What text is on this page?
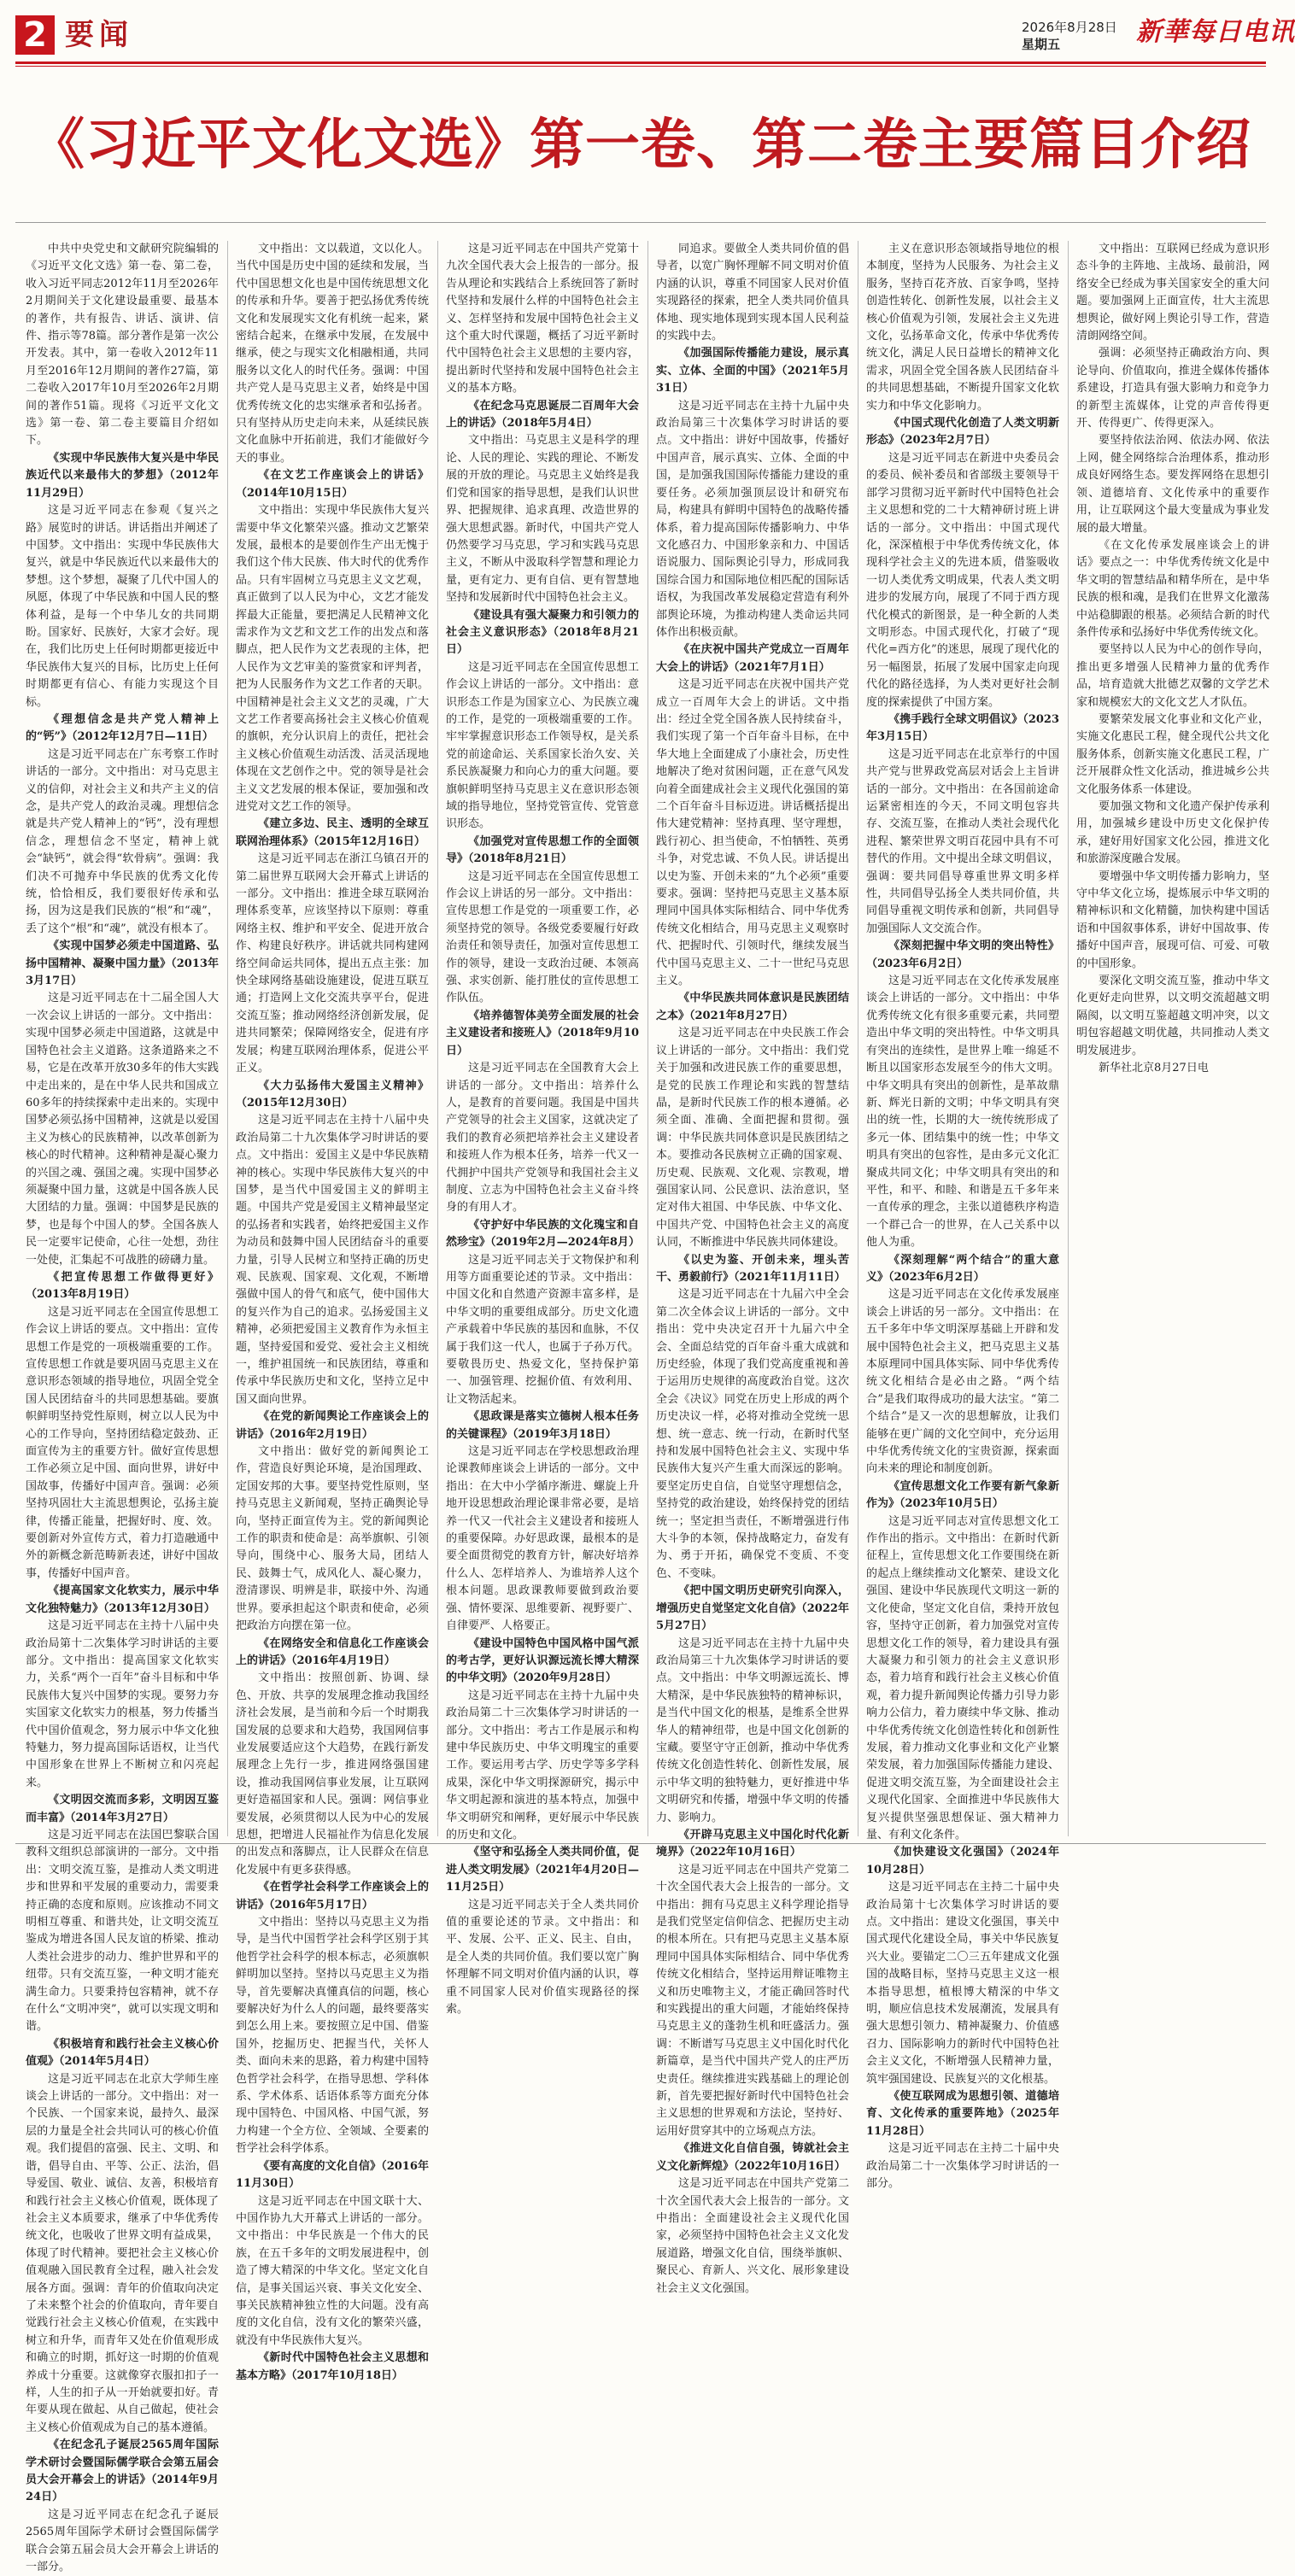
2 要闻	2026年8月28日
星期五	新華每日电讯
《习近平文化文选》第一卷、第二卷主要篇目介绍

中共中央党史和文献研究院编辑的《习近平文化文选》第一卷、第二卷，收入习近平同志2012年11月至2026年2月期间关于文化建设最重要、最基本的著作，共有报告、讲话、演讲、信件、指示等78篇。部分著作是第一次公开发表。其中，第一卷收入2012年11月至2016年12月期间的著作27篇，第二卷收入2017年10月至2026年2月期间的著作51篇。现将《习近平文化文选》第一卷、第二卷主要篇目介绍如下。

《实现中华民族伟大复兴是中华民族近代以来最伟大的梦想》（2012年11月29日）

这是习近平同志在参观《复兴之路》展览时的讲话。讲话指出并阐述了中国梦。文中指出：实现中华民族伟大复兴，就是中华民族近代以来最伟大的梦想。这个梦想，凝聚了几代中国人的夙愿，体现了中华民族和中国人民的整体利益，是每一个中华儿女的共同期盼。国家好、民族好，大家才会好。现在，我们比历史上任何时期都更接近中华民族伟大复兴的目标，比历史上任何时期都更有信心、有能力实现这个目标。

《理想信念是共产党人精神上的“钙”》（2012年12月7日—11日）

这是习近平同志在广东考察工作时讲话的一部分。文中指出：对马克思主义的信仰，对社会主义和共产主义的信念，是共产党人的政治灵魂。理想信念就是共产党人精神上的“钙”，没有理想信念，理想信念不坚定，精神上就会“缺钙”，就会得“软骨病”。强调：我们决不可抛弃中华民族的优秀文化传统，恰恰相反，我们要很好传承和弘扬，因为这是我们民族的“根”和“魂”，丢了这个“根”和“魂”，就没有根本了。

《实现中国梦必须走中国道路、弘扬中国精神、凝聚中国力量》（2013年3月17日）

这是习近平同志在十二届全国人大一次会议上讲话的一部分。文中指出：实现中国梦必须走中国道路，这就是中国特色社会主义道路。这条道路来之不易，它是在改革开放30多年的伟大实践中走出来的，是在中华人民共和国成立60多年的持续探索中走出来的。实现中国梦必须弘扬中国精神，这就是以爱国主义为核心的民族精神，以改革创新为核心的时代精神。这种精神是凝心聚力的兴国之魂、强国之魂。实现中国梦必须凝聚中国力量，这就是中国各族人民大团结的力量。强调：中国梦是民族的梦，也是每个中国人的梦。全国各族人民一定要牢记使命，心往一处想，劲往一处使，汇集起不可战胜的磅礴力量。

《把宣传思想工作做得更好》（2013年8月19日）

这是习近平同志在全国宣传思想工作会议上讲话的要点。文中指出：宣传思想工作是党的一项极端重要的工作。宣传思想工作就是要巩固马克思主义在意识形态领域的指导地位，巩固全党全国人民团结奋斗的共同思想基础。要旗帜鲜明坚持党性原则，树立以人民为中心的工作导向，坚持团结稳定鼓劲、正面宣传为主的重要方针。做好宣传思想工作必须立足中国、面向世界，讲好中国故事，传播好中国声音。强调：必须坚持巩固壮大主流思想舆论，弘扬主旋律，传播正能量，把握好时、度、效。要创新对外宣传方式，着力打造融通中外的新概念新范畴新表述，讲好中国故事，传播好中国声音。

《提高国家文化软实力，展示中华文化独特魅力》（2013年12月30日）

这是习近平同志在主持十八届中央政治局第十二次集体学习时讲话的主要部分。文中指出：提高国家文化软实力，关系“两个一百年”奋斗目标和中华民族伟大复兴中国梦的实现。要努力夯实国家文化软实力的根基，努力传播当代中国价值观念，努力展示中华文化独特魅力，努力提高国际话语权，让当代中国形象在世界上不断树立和闪亮起来。

《文明因交流而多彩，文明因互鉴而丰富》（2014年3月27日）

这是习近平同志在法国巴黎联合国教科文组织总部演讲的一部分。文中指出：文明交流互鉴，是推动人类文明进步和世界和平发展的重要动力，需要秉持正确的态度和原则。应该推动不同文明相互尊重、和谐共处，让文明交流互鉴成为增进各国人民友谊的桥梁、推动人类社会进步的动力、维护世界和平的纽带。只有交流互鉴，一种文明才能充满生命力。只要秉持包容精神，就不存在什么“文明冲突”，就可以实现文明和谐。

《积极培育和践行社会主义核心价值观》（2014年5月4日）

这是习近平同志在北京大学师生座谈会上讲话的一部分。文中指出：对一个民族、一个国家来说，最持久、最深层的力量是全社会共同认可的核心价值观。我们提倡的富强、民主、文明、和谐，倡导自由、平等、公正、法治，倡导爱国、敬业、诚信、友善，积极培育和践行社会主义核心价值观，既体现了社会主义本质要求，继承了中华优秀传统文化，也吸收了世界文明有益成果，体现了时代精神。要把社会主义核心价值观融入国民教育全过程，融入社会发展各方面。强调：青年的价值取向决定了未来整个社会的价值取向，青年要自觉践行社会主义核心价值观，在实践中树立和升华，而青年又处在价值观形成和确立的时期，抓好这一时期的价值观养成十分重要。这就像穿衣服扣扣子一样，人生的扣子从一开始就要扣好。青年要从现在做起、从自己做起，使社会主义核心价值观成为自己的基本遵循。

《在纪念孔子诞辰2565周年国际学术研讨会暨国际儒学联合会第五届会员大会开幕会上的讲话》（2014年9月24日）

这是习近平同志在纪念孔子诞辰2565周年国际学术研讨会暨国际儒学联合会第五届会员大会开幕会上讲话的一部分。

文中指出：文以载道，文以化人。当代中国是历史中国的延续和发展，当代中国思想文化也是中国传统思想文化的传承和升华。要善于把弘扬优秀传统文化和发展现实文化有机统一起来，紧密结合起来，在继承中发展，在发展中继承，使之与现实文化相融相通，共同服务以文化人的时代任务。强调：中国共产党人是马克思主义者，始终是中国优秀传统文化的忠实继承者和弘扬者。只有坚持从历史走向未来，从延续民族文化血脉中开拓前进，我们才能做好今天的事业。

《在文艺工作座谈会上的讲话》（2014年10月15日）

文中指出：实现中华民族伟大复兴需要中华文化繁荣兴盛。推动文艺繁荣发展，最根本的是要创作生产出无愧于我们这个伟大民族、伟大时代的优秀作品。只有牢固树立马克思主义文艺观，真正做到了以人民为中心，文艺才能发挥最大正能量，要把满足人民精神文化需求作为文艺和文艺工作的出发点和落脚点，把人民作为文艺表现的主体，把人民作为文艺审美的鉴赏家和评判者，把为人民服务作为文艺工作者的天职。中国精神是社会主义文艺的灵魂，广大文艺工作者要高扬社会主义核心价值观的旗帜，充分认识肩上的责任，把社会主义核心价值观生动活泼、活灵活现地体现在文艺创作之中。党的领导是社会主义文艺发展的根本保证，要加强和改进党对文艺工作的领导。

《建立多边、民主、透明的全球互联网治理体系》（2015年12月16日）

这是习近平同志在浙江乌镇召开的第二届世界互联网大会开幕式上讲话的一部分。文中指出：推进全球互联网治理体系变革，应该坚持以下原则：尊重网络主权、维护和平安全、促进开放合作、构建良好秩序。讲话就共同构建网络空间命运共同体，提出五点主张：加快全球网络基础设施建设，促进互联互通；打造网上文化交流共享平台，促进交流互鉴；推动网络经济创新发展，促进共同繁荣；保障网络安全，促进有序发展；构建互联网治理体系，促进公平正义。

《大力弘扬伟大爱国主义精神》（2015年12月30日）

这是习近平同志在主持十八届中央政治局第二十九次集体学习时讲话的要点。文中指出：爱国主义是中华民族精神的核心。实现中华民族伟大复兴的中国梦，是当代中国爱国主义的鲜明主题。中国共产党是爱国主义精神最坚定的弘扬者和实践者，始终把爱国主义作为动员和鼓舞中国人民团结奋斗的重要力量，引导人民树立和坚持正确的历史观、民族观、国家观、文化观，不断增强做中国人的骨气和底气，使中国伟大的复兴作为自己的追求。弘扬爱国主义精神，必须把爱国主义教育作为永恒主题，坚持爱国和爱党、爱社会主义相统一，维护祖国统一和民族团结，尊重和传承中华民族历史和文化，坚持立足中国又面向世界。

《在党的新闻舆论工作座谈会上的讲话》（2016年2月19日）

文中指出：做好党的新闻舆论工作，营造良好舆论环境，是治国理政、定国安邦的大事。要坚持党性原则，坚持马克思主义新闻观，坚持正确舆论导向，坚持正面宣传为主。党的新闻舆论工作的职责和使命是：高举旗帜、引领导向，围绕中心、服务大局，团结人民、鼓舞士气，成风化人、凝心聚力，澄清谬误、明辨是非，联接中外、沟通世界。要承担起这个职责和使命，必须把政治方向摆在第一位。

《在网络安全和信息化工作座谈会上的讲话》（2016年4月19日）

文中指出：按照创新、协调、绿色、开放、共享的发展理念推动我国经济社会发展，是当前和今后一个时期我国发展的总要求和大趋势，我国网信事业发展要适应这个大趋势，在践行新发展理念上先行一步，推进网络强国建设，推动我国网信事业发展，让互联网更好造福国家和人民。强调：网信事业要发展，必须贯彻以人民为中心的发展思想，把增进人民福祉作为信息化发展的出发点和落脚点，让人民群众在信息化发展中有更多获得感。

《在哲学社会科学工作座谈会上的讲话》（2016年5月17日）

文中指出：坚持以马克思主义为指导，是当代中国哲学社会科学区别于其他哲学社会科学的根本标志，必须旗帜鲜明加以坚持。坚持以马克思主义为指导，首先要解决真懂真信的问题，核心要解决好为什么人的问题，最终要落实到怎么用上来。要按照立足中国、借鉴国外，挖掘历史、把握当代，关怀人类、面向未来的思路，着力构建中国特色哲学社会科学，在指导思想、学科体系、学术体系、话语体系等方面充分体现中国特色、中国风格、中国气派，努力构建一个全方位、全领域、全要素的哲学社会科学体系。

《要有高度的文化自信》（2016年11月30日）

这是习近平同志在中国文联十大、中国作协九大开幕式上讲话的一部分。文中指出：中华民族是一个伟大的民族，在五千多年的文明发展进程中，创造了博大精深的中华文化。坚定文化自信，是事关国运兴衰、事关文化安全、事关民族精神独立性的大问题。没有高度的文化自信，没有文化的繁荣兴盛，就没有中华民族伟大复兴。

《新时代中国特色社会主义思想和基本方略》（2017年10月18日）

这是习近平同志在中国共产党第十九次全国代表大会上报告的一部分。报告从理论和实践结合上系统回答了新时代坚持和发展什么样的中国特色社会主义、怎样坚持和发展中国特色社会主义这个重大时代课题，概括了习近平新时代中国特色社会主义思想的主要内容，提出新时代坚持和发展中国特色社会主义的基本方略。

《在纪念马克思诞辰二百周年大会上的讲话》（2018年5月4日）

文中指出：马克思主义是科学的理论、人民的理论、实践的理论、不断发展的开放的理论。马克思主义始终是我们党和国家的指导思想，是我们认识世界、把握规律、追求真理、改造世界的强大思想武器。新时代，中国共产党人仍然要学习马克思，学习和实践马克思主义，不断从中汲取科学智慧和理论力量，更有定力、更有自信、更有智慧地坚持和发展新时代中国特色社会主义。

《建设具有强大凝聚力和引领力的社会主义意识形态》（2018年8月21日）

这是习近平同志在全国宣传思想工作会议上讲话的一部分。文中指出：意识形态工作是为国家立心、为民族立魂的工作，是党的一项极端重要的工作。牢牢掌握意识形态工作领导权，是关系党的前途命运、关系国家长治久安、关系民族凝聚力和向心力的重大问题。要旗帜鲜明坚持马克思主义在意识形态领域的指导地位，坚持党管宣传、党管意识形态。

《加强党对宣传思想工作的全面领导》（2018年8月21日）

这是习近平同志在全国宣传思想工作会议上讲话的另一部分。文中指出：宣传思想工作是党的一项重要工作，必须坚持党的领导。各级党委要履行好政治责任和领导责任，加强对宣传思想工作的领导，建设一支政治过硬、本领高强、求实创新、能打胜仗的宣传思想工作队伍。

《培养德智体美劳全面发展的社会主义建设者和接班人》（2018年9月10日）

这是习近平同志在全国教育大会上讲话的一部分。文中指出：培养什么人，是教育的首要问题。我国是中国共产党领导的社会主义国家，这就决定了我们的教育必须把培养社会主义建设者和接班人作为根本任务，培养一代又一代拥护中国共产党领导和我国社会主义制度、立志为中国特色社会主义奋斗终身的有用人才。

《守护好中华民族的文化瑰宝和自然珍宝》（2019年2月—2024年8月）

这是习近平同志关于文物保护和利用等方面重要论述的节录。文中指出：中国文化和自然遗产资源丰富多样，是中华文明的重要组成部分。历史文化遗产承载着中华民族的基因和血脉，不仅属于我们这一代人，也属于子孙万代。要敬畏历史、热爱文化，坚持保护第一、加强管理、挖掘价值、有效利用、让文物活起来。

《思政课是落实立德树人根本任务的关键课程》（2019年3月18日）

这是习近平同志在学校思想政治理论课教师座谈会上讲话的一部分。文中指出：在大中小学循序渐进、螺旋上升地开设思想政治理论课非常必要，是培养一代又一代社会主义建设者和接班人的重要保障。办好思政课，最根本的是要全面贯彻党的教育方针，解决好培养什么人、怎样培养人、为谁培养人这个根本问题。思政课教师要做到政治要强、情怀要深、思维要新、视野要广、自律要严、人格要正。

《建设中国特色中国风格中国气派的考古学，更好认识源远流长博大精深的中华文明》（2020年9月28日）

这是习近平同志在主持十九届中央政治局第二十三次集体学习时讲话的一部分。文中指出：考古工作是展示和构建中华民族历史、中华文明瑰宝的重要工作。要运用考古学、历史学等多学科成果，深化中华文明探源研究，揭示中华文明起源和演进的基本特点，加强中华文明研究和阐释，更好展示中华民族的历史和文化。

《坚守和弘扬全人类共同价值，促进人类文明发展》（2021年4月20日—11月25日）

这是习近平同志关于全人类共同价值的重要论述的节录。文中指出：和平、发展、公平、正义、民主、自由，是全人类的共同价值。我们要以宽广胸怀理解不同文明对价值内涵的认识，尊重不同国家人民对价值实现路径的探索。

同追求。要做全人类共同价值的倡导者，以宽广胸怀理解不同文明对价值内涵的认识，尊重不同国家人民对价值实现路径的探索，把全人类共同价值具体地、现实地体现到实现本国人民利益的实践中去。

《加强国际传播能力建设，展示真实、立体、全面的中国》（2021年5月31日）

这是习近平同志在主持十九届中央政治局第三十次集体学习时讲话的要点。文中指出：讲好中国故事，传播好中国声音，展示真实、立体、全面的中国，是加强我国国际传播能力建设的重要任务。必须加强顶层设计和研究布局，构建具有鲜明中国特色的战略传播体系，着力提高国际传播影响力、中华文化感召力、中国形象亲和力、中国话语说服力、国际舆论引导力，形成同我国综合国力和国际地位相匹配的国际话语权，为我国改革发展稳定营造有利外部舆论环境，为推动构建人类命运共同体作出积极贡献。

《在庆祝中国共产党成立一百周年大会上的讲话》（2021年7月1日）

这是习近平同志在庆祝中国共产党成立一百周年大会上的讲话。文中指出：经过全党全国各族人民持续奋斗，我们实现了第一个百年奋斗目标，在中华大地上全面建成了小康社会，历史性地解决了绝对贫困问题，正在意气风发向着全面建成社会主义现代化强国的第二个百年奋斗目标迈进。讲话概括提出伟大建党精神：坚持真理、坚守理想，践行初心、担当使命，不怕牺牲、英勇斗争，对党忠诚、不负人民。讲话提出以史为鉴、开创未来的“九个必须”重要要求。强调：坚持把马克思主义基本原理同中国具体实际相结合、同中华优秀传统文化相结合，用马克思主义观察时代、把握时代、引领时代，继续发展当代中国马克思主义、二十一世纪马克思主义。

《中华民族共同体意识是民族团结之本》（2021年8月27日）

这是习近平同志在中央民族工作会议上讲话的一部分。文中指出：我们党关于加强和改进民族工作的重要思想，是党的民族工作理论和实践的智慧结晶，是新时代民族工作的根本遵循。必须全面、准确、全面把握和贯彻。强调：中华民族共同体意识是民族团结之本。要推动各民族树立正确的国家观、历史观、民族观、文化观、宗教观，增强国家认同、公民意识、法治意识，坚定对伟大祖国、中华民族、中华文化、中国共产党、中国特色社会主义的高度认同，不断推进中华民族共同体建设。

《以史为鉴、开创未来，埋头苦干、勇毅前行》（2021年11月11日）

这是习近平同志在十九届六中全会第二次全体会议上讲话的一部分。文中指出：党中央决定召开十九届六中全会、全面总结党的百年奋斗重大成就和历史经验，体现了我们党高度重视和善于运用历史规律的高度政治自觉。这次全会《决议》同党在历史上形成的两个历史决议一样，必将对推动全党统一思想、统一意志、统一行动，在新时代坚持和发展中国特色社会主义、实现中华民族伟大复兴产生重大而深远的影响。要坚定历史自信，自觉坚守理想信念，坚持党的政治建设，始终保持党的团结统一；坚定担当责任，不断增强进行伟大斗争的本领，保持战略定力，奋发有为、勇于开拓，确保党不变质、不变色、不变味。

《把中国文明历史研究引向深入，增强历史自觉坚定文化自信》（2022年5月27日）

这是习近平同志在主持十九届中央政治局第三十九次集体学习时讲话的要点。文中指出：中华文明源远流长、博大精深，是中华民族独特的精神标识，是当代中国文化的根基，是维系全世界华人的精神纽带，也是中国文化创新的宝藏。要坚守守正创新，推动中华优秀传统文化创造性转化、创新性发展，展示中华文明的独特魅力，更好推进中华文明研究和传播，增强中华文明的传播力、影响力。

《开辟马克思主义中国化时代化新境界》（2022年10月16日）

这是习近平同志在中国共产党第二十次全国代表大会上报告的一部分。文中指出：拥有马克思主义科学理论指导是我们党坚定信仰信念、把握历史主动的根本所在。只有把马克思主义基本原理同中国具体实际相结合、同中华优秀传统文化相结合，坚持运用辩证唯物主义和历史唯物主义，才能正确回答时代和实践提出的重大问题，才能始终保持马克思主义的蓬勃生机和旺盛活力。强调：不断谱写马克思主义中国化时代化新篇章，是当代中国共产党人的庄严历史责任。继续推进实践基础上的理论创新，首先要把握好新时代中国特色社会主义思想的世界观和方法论，坚持好、运用好贯穿其中的立场观点方法。

《推进文化自信自强，铸就社会主义文化新辉煌》（2022年10月16日）

这是习近平同志在中国共产党第二十次全国代表大会上报告的一部分。文中指出：全面建设社会主义现代化国家，必须坚持中国特色社会主义文化发展道路，增强文化自信，围绕举旗帜、聚民心、育新人、兴文化、展形象建设社会主义文化强国。

主义在意识形态领域指导地位的根本制度，坚持为人民服务、为社会主义服务，坚持百花齐放、百家争鸣，坚持创造性转化、创新性发展，以社会主义核心价值观为引领，发展社会主义先进文化，弘扬革命文化，传承中华优秀传统文化，满足人民日益增长的精神文化需求，巩固全党全国各族人民团结奋斗的共同思想基础，不断提升国家文化软实力和中华文化影响力。

《中国式现代化创造了人类文明新形态》（2023年2月7日）

这是习近平同志在新进中央委员会的委员、候补委员和省部级主要领导干部学习贯彻习近平新时代中国特色社会主义思想和党的二十大精神研讨班上讲话的一部分。文中指出：中国式现代化，深深植根于中华优秀传统文化，体现科学社会主义的先进本质，借鉴吸收一切人类优秀文明成果，代表人类文明进步的发展方向，展现了不同于西方现代化模式的新图景，是一种全新的人类文明形态。中国式现代化，打破了“现代化=西方化”的迷思，展现了现代化的另一幅图景，拓展了发展中国家走向现代化的路径选择，为人类对更好社会制度的探索提供了中国方案。

《携手践行全球文明倡议》（2023年3月15日）

这是习近平同志在北京举行的中国共产党与世界政党高层对话会上主旨讲话的一部分。文中指出：在各国前途命运紧密相连的今天，不同文明包容共存、交流互鉴，在推动人类社会现代化进程、繁荣世界文明百花园中具有不可替代的作用。文中提出全球文明倡议，强调：要共同倡导尊重世界文明多样性，共同倡导弘扬全人类共同价值，共同倡导重视文明传承和创新，共同倡导加强国际人文交流合作。

《深刻把握中华文明的突出特性》（2023年6月2日）

这是习近平同志在文化传承发展座谈会上讲话的一部分。文中指出：中华优秀传统文化有很多重要元素，共同塑造出中华文明的突出特性。中华文明具有突出的连续性，是世界上唯一绵延不断且以国家形态发展至今的伟大文明。中华文明具有突出的创新性，是革故鼎新、辉光日新的文明；中华文明具有突出的统一性，长期的大一统传统形成了多元一体、团结集中的统一性；中华文明具有突出的包容性，是由多元文化汇聚成共同文化；中华文明具有突出的和平性，和平、和睦、和谐是五千多年来一直传承的理念，主张以道德秩序构造一个群己合一的世界，在人己关系中以他人为重。

《深刻理解“两个结合”的重大意义》（2023年6月2日）

这是习近平同志在文化传承发展座谈会上讲话的另一部分。文中指出：在五千多年中华文明深厚基础上开辟和发展中国特色社会主义，把马克思主义基本原理同中国具体实际、同中华优秀传统文化相结合是必由之路。“两个结合”是我们取得成功的最大法宝。“第二个结合”是又一次的思想解放，让我们能够在更广阔的文化空间中，充分运用中华优秀传统文化的宝贵资源，探索面向未来的理论和制度创新。

《宣传思想文化工作要有新气象新作为》（2023年10月5日）

这是习近平同志对宣传思想文化工作作出的指示。文中指出：在新时代新征程上，宣传思想文化工作要围绕在新的起点上继续推动文化繁荣、建设文化强国、建设中华民族现代文明这一新的文化使命，坚定文化自信，秉持开放包容，坚持守正创新，着力加强党对宣传思想文化工作的领导，着力建设具有强大凝聚力和引领力的社会主义意识形态，着力培育和践行社会主义核心价值观，着力提升新闻舆论传播力引导力影响力公信力，着力赓续中华文脉、推动中华优秀传统文化创造性转化和创新性发展，着力推动文化事业和文化产业繁荣发展，着力加强国际传播能力建设、促进文明交流互鉴，为全面建设社会主义现代化国家、全面推进中华民族伟大复兴提供坚强思想保证、强大精神力量、有利文化条件。

《加快建设文化强国》（2024年10月28日）

这是习近平同志在主持二十届中央政治局第十七次集体学习时讲话的要点。文中指出：建设文化强国，事关中国式现代化建设全局，事关中华民族复兴大业。要锚定二〇三五年建成文化强国的战略目标，坚持马克思主义这一根本指导思想，植根博大精深的中华文明，顺应信息技术发展潮流，发展具有强大思想引领力、精神凝聚力、价值感召力、国际影响力的新时代中国特色社会主义文化，不断增强人民精神力量，筑牢强国建设、民族复兴的文化根基。

《使互联网成为思想引领、道德培育、文化传承的重要阵地》（2025年11月28日）

这是习近平同志在主持二十届中央政治局第二十一次集体学习时讲话的一部分。

文中指出：互联网已经成为意识形态斗争的主阵地、主战场、最前沿，网络安全已经成为事关国家安全的重大问题。要加强网上正面宣传，壮大主流思想舆论，做好网上舆论引导工作，营造清朗网络空间。

强调：必须坚持正确政治方向、舆论导向、价值取向，推进全媒体传播体系建设，打造具有强大影响力和竞争力的新型主流媒体，让党的声音传得更开、传得更广、传得更深入。

要坚持依法治网、依法办网、依法上网，健全网络综合治理体系，推动形成良好网络生态。要发挥网络在思想引领、道德培育、文化传承中的重要作用，让互联网这个最大变量成为事业发展的最大增量。

《在文化传承发展座谈会上的讲话》要点之一：中华优秀传统文化是中华文明的智慧结晶和精华所在，是中华民族的根和魂，是我们在世界文化激荡中站稳脚跟的根基。必须结合新的时代条件传承和弘扬好中华优秀传统文化。

要坚持以人民为中心的创作导向，推出更多增强人民精神力量的优秀作品，培育造就大批德艺双馨的文学艺术家和规模宏大的文化文艺人才队伍。

要繁荣发展文化事业和文化产业，实施文化惠民工程，健全现代公共文化服务体系，创新实施文化惠民工程，广泛开展群众性文化活动，推进城乡公共文化服务体系一体建设。

要加强文物和文化遗产保护传承利用，加强城乡建设中历史文化保护传承，建好用好国家文化公园，推进文化和旅游深度融合发展。

要增强中华文明传播力影响力，坚守中华文化立场，提炼展示中华文明的精神标识和文化精髓，加快构建中国话语和中国叙事体系，讲好中国故事、传播好中国声音，展现可信、可爱、可敬的中国形象。

要深化文明交流互鉴，推动中华文化更好走向世界，以文明交流超越文明隔阂，以文明互鉴超越文明冲突，以文明包容超越文明优越，共同推动人类文明发展进步。

新华社北京8月27日电
